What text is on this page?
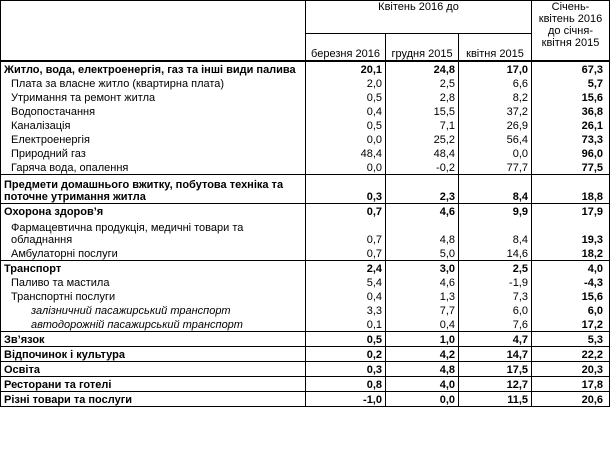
	Квітень 2016 до			Січень-квітень 2016 до січня-квітня 2015
	березня 2016	грудня 2015	квітня 2015	
Житло, вода, електроенергія, газ та інші види палива	20,1	24,8	17,0	67,3
Плата за власне житло (квартирна плата)	2,0	2,5	6,6	5,7
Утримання та ремонт житла	0,5	2,8	8,2	15,6
Водопостачання	0,4	15,5	37,2	36,8
Каналізація	0,5	7,1	26,9	26,1
Електроенергія	0,0	25,2	56,4	73,3
Природний газ	48,4	48,4	0,0	96,0
Гаряча вода, опалення	0,0	-0,2	77,7	77,5
Предмети домашнього вжитку, побутова техніка та поточне утримання житла	0,3	2,3	8,4	18,8
Охорона здоров’я	0,7	4,6	9,9	17,9
Фармацевтична продукція, медичні товари та обладнання	0,7	4,8	8,4	19,3
Амбулаторні послуги	0,7	5,0	14,6	18,2
Транспорт	2,4	3,0	2,5	4,0
Паливо та мастила	5,4	4,6	-1,9	-4,3
Транспортні послуги	0,4	1,3	7,3	15,6
залізничний пасажирський транспорт	3,3	7,7	6,0	6,0
автодорожній пасажирський транспорт	0,1	0,4	7,6	17,2
Зв’язок	0,5	1,0	4,7	5,3
Відпочинок і культура	0,2	4,2	14,7	22,2
Освіта	0,3	4,8	17,5	20,3
Ресторани та готелі	0,8	4,0	12,7	17,8
Різні товари та послуги	-1,0	0,0	11,5	20,6
